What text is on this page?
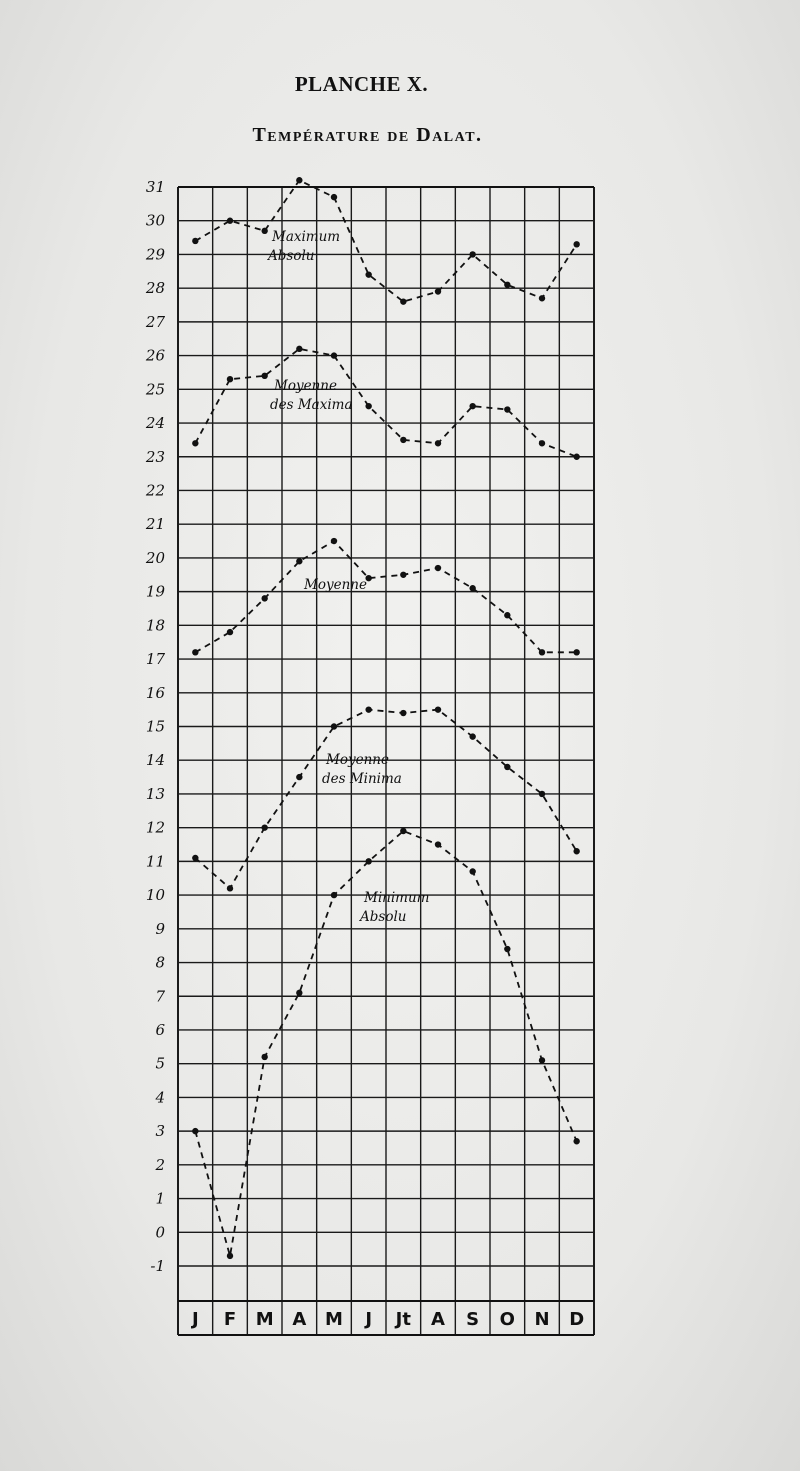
PLANCHE X.
Température de Dalat.
-1
0
1
2
3
4
5
6
7
8
9
10
11
12
13
14
15
16
17
18
19
20
21
22
23
24
25
26
27
28
29
30
31
J F M A M J Jt A S O N D
Maximum
Absolu
Moyenne
des Maxima
Moyenne
Moyenne
des Minima
Minimum
Absolu
